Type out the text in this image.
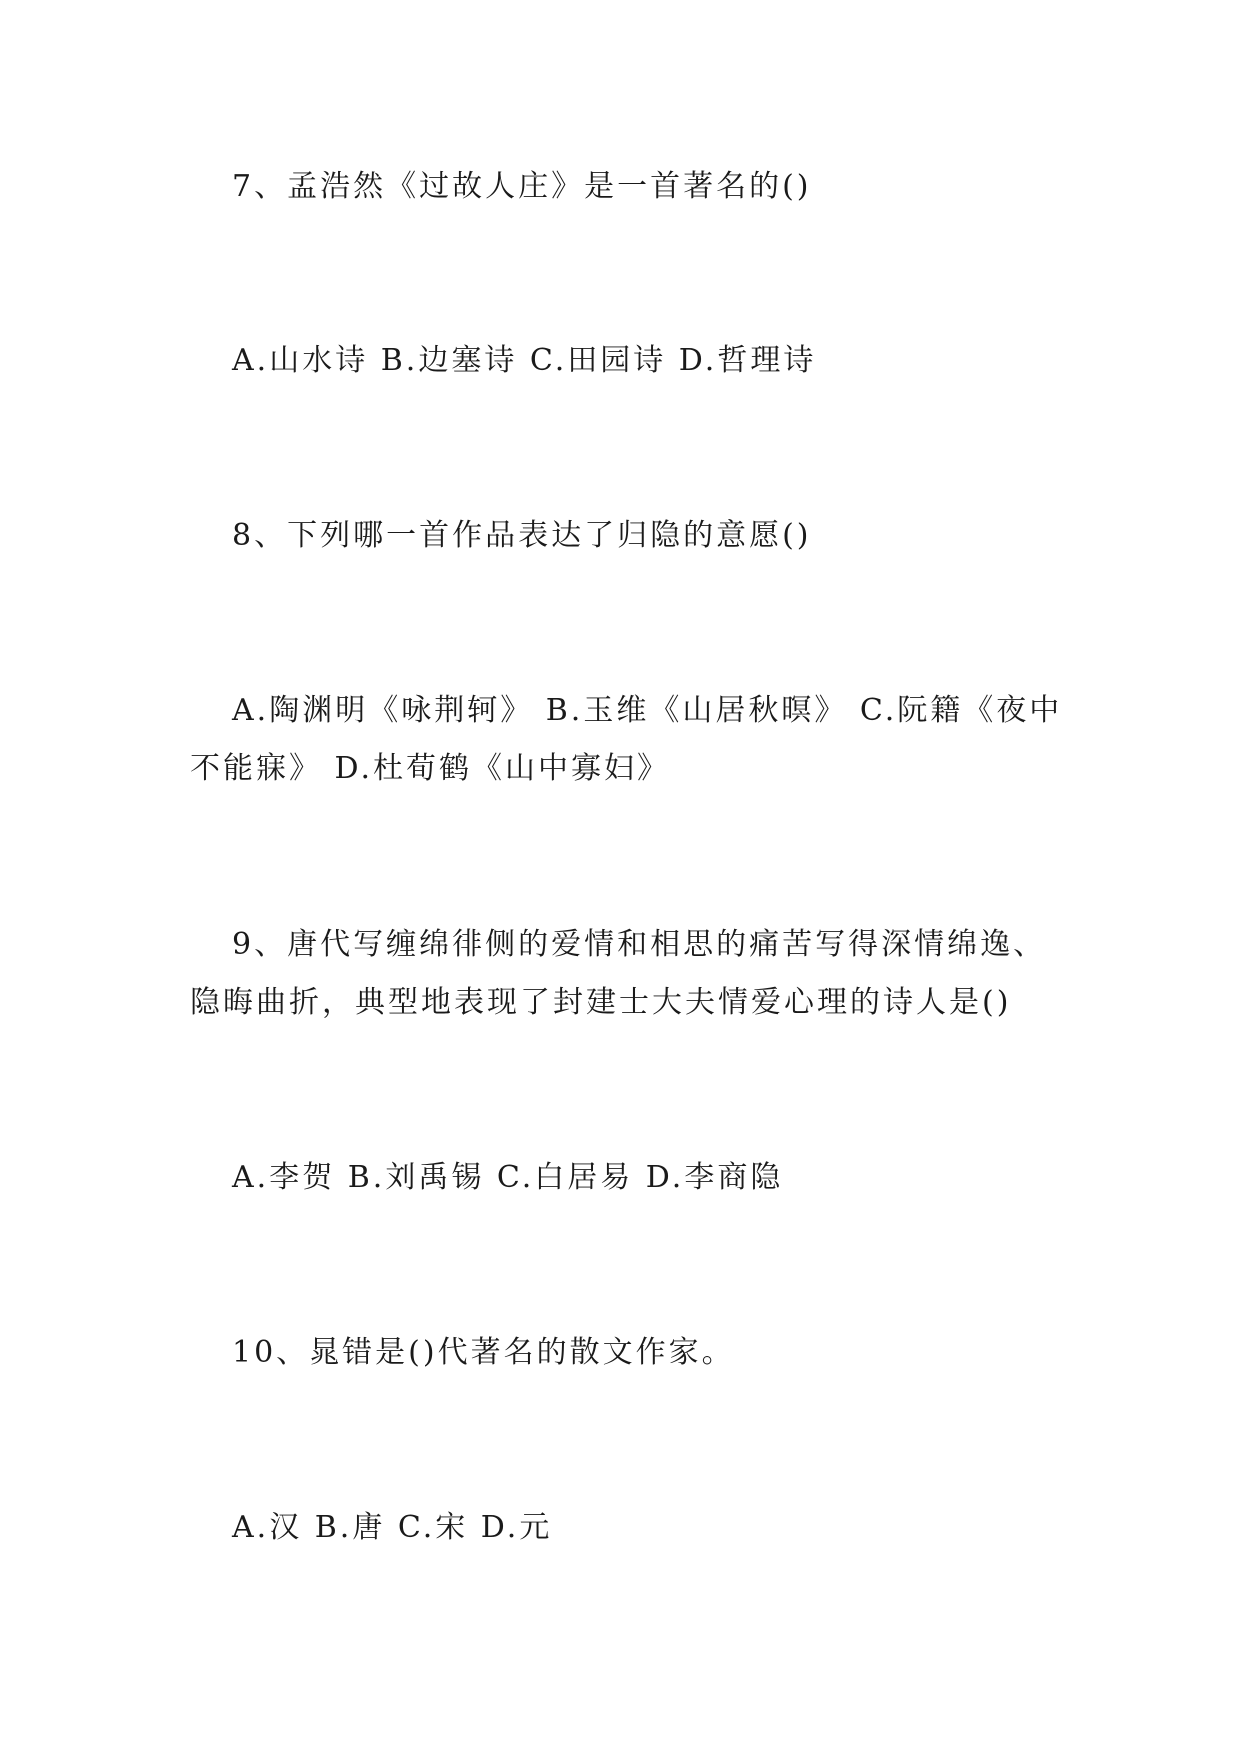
7、孟浩然《过故人庄》是一首著名的()

A.山水诗 B.边塞诗 C.田园诗 D.哲理诗

8、下列哪一首作品表达了归隐的意愿()

A.陶渊明《咏荆轲》 B.玉维《山居秋暝》 C.阮籍《夜中不能寐》 D.杜荀鹤《山中寡妇》

9、唐代写缠绵徘侧的爱情和相思的痛苦写得深情绵逸、隐晦曲折，典型地表现了封建士大夫情爱心理的诗人是()

A.李贺 B.刘禹锡 C.白居易 D.李商隐

10、晁错是()代著名的散文作家。

A.汉 B.唐 C.宋 D.元
